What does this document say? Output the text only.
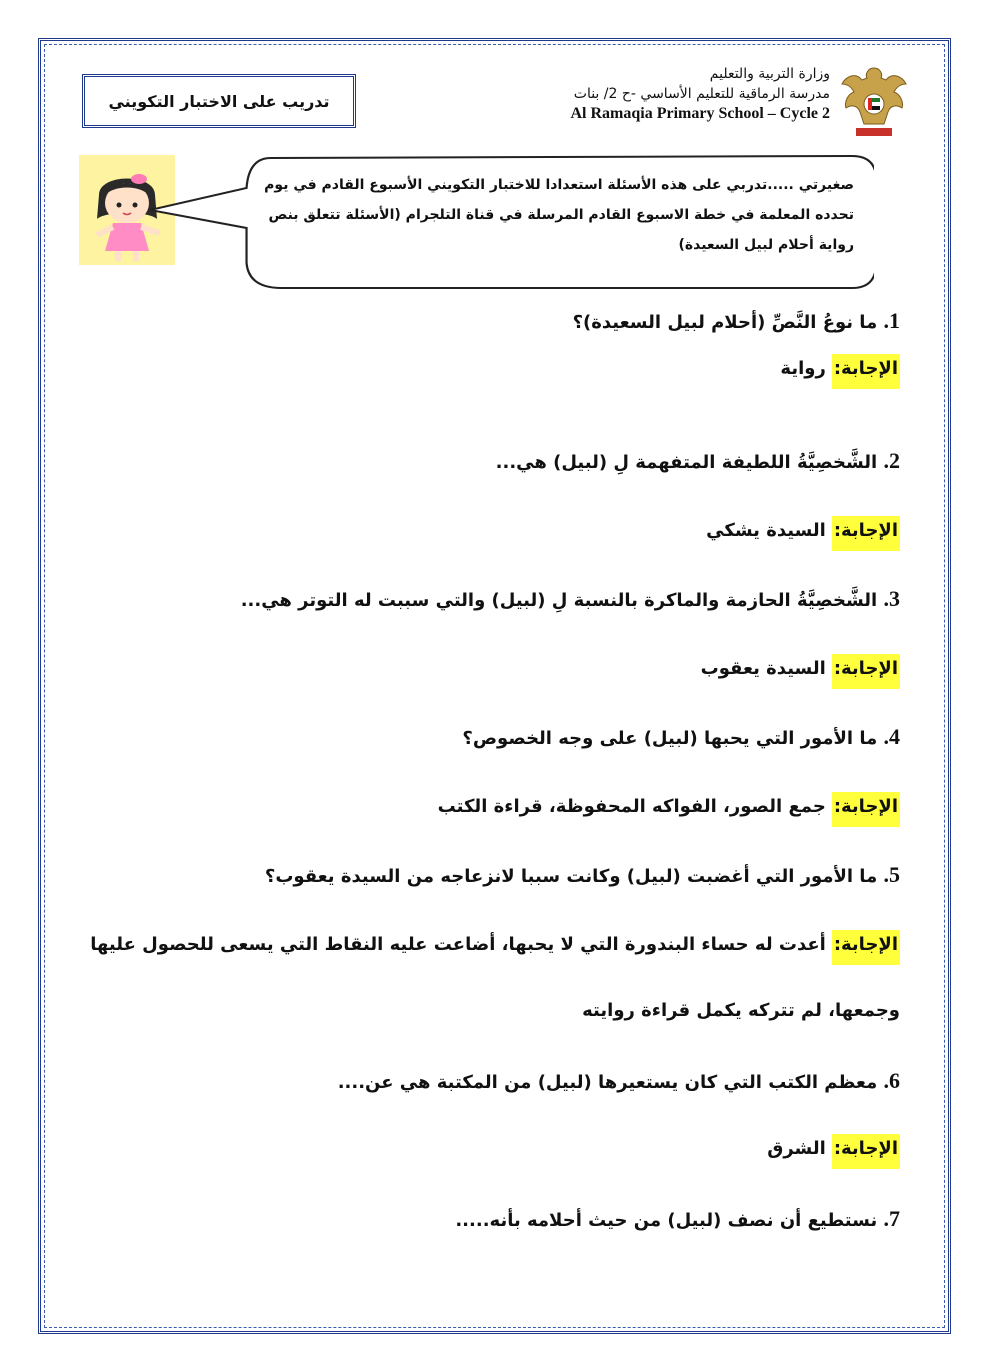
وزارة التربية والتعليم
مدرسة الرماقية للتعليم الأساسي -ح 2/ بنات
Al Ramaqia Primary School – Cycle 2
تدريب على الاختبار التكويني
صغيرتي .....تدربي على هذه الأسئلة استعدادا للاختبار التكويني الأسبوع القادم في يوم تحدده المعلمة في خطة الاسبوع القادم المرسلة في قناة التلجرام (الأسئلة تتعلق بنص رواية أحلام لبيل السعيدة)
1. ما نوعُ النَّصِّ (أحلام لبيل السعيدة)؟
الإجابة:رواية
2. الشَّخصِيَّةُ اللطيفة المتفهمة لِ (لبيل) هي...
الإجابة:السيدة يشكي
3. الشَّخصِيَّةُ الحازمة والماكرة بالنسبة لِ (لبيل) والتي سببت له التوتر هي...
الإجابة:السيدة يعقوب
4. ما الأمور التي يحبها (لبيل) على وجه الخصوص؟
الإجابة:جمع الصور، الفواكه المحفوظة، قراءة الكتب
5. ما الأمور التي أغضبت (لبيل) وكانت سببا لانزعاجه من السيدة يعقوب؟
الإجابة:أعدت له حساء البندورة التي لا يحبها، أضاعت عليه النقاط التي يسعى للحصول عليها
وجمعها، لم تتركه يكمل قراءة روايته
6. معظم الكتب التي كان يستعيرها (لبيل) من المكتبة هي عن....
الإجابة:الشرق
7. نستطيع أن نصف (لبيل) من حيث أحلامه بأنه.....
